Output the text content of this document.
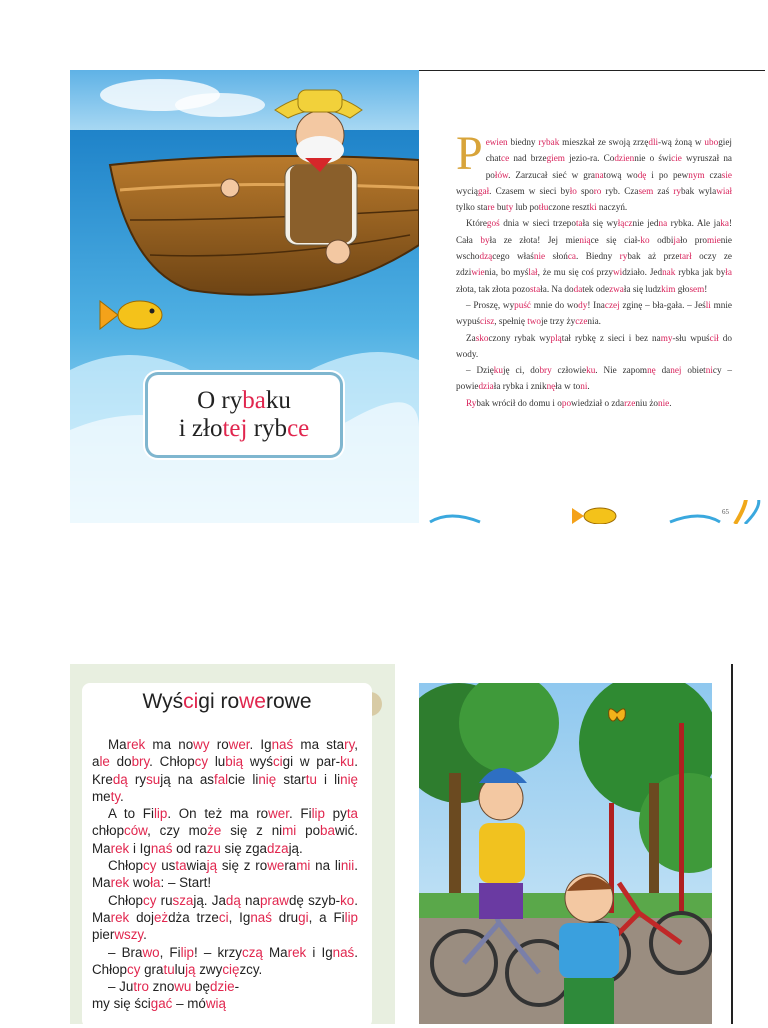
O rybaku
i złotej rybce

Pewien biedny rybak mieszkał ze swoją zrzędli-wą żoną w ubogiej chatce nad brzegiem jezio-ra. Codziennie o świcie wyruszał na połów. Zarzucał sieć w granatową wodę i po pewnym czasie wyciągał. Czasem w sieci było sporo ryb. Czasem zaś rybak wylawiał tylko stare buty lub potłuczone resztki naczyń.

Któregoś dnia w sieci trzepotała się wyłącznie jedna rybka. Ale jaka! Cała była ze złota! Jej mieniące się ciał-ko odbijało promienie wschodzącego właśnie słońca. Biedny rybak aż przetarł oczy ze zdziwienia, bo myślał, że mu się coś przywidziało. Jednak rybka jak była złota, tak złota pozostała. Na dodatek odezwała się ludzkim głosem!

– Proszę, wypuść mnie do wody! Inaczej zginę – bła-gała. – Jeśli mnie wypuścisz, spełnię twoje trzy życzenia.

Zaskoczony rybak wyplątał rybkę z sieci i bez namy-słu wpuścił do wody.

– Dziękuję ci, dobry człowieku. Nie zapomnę danej obietnicy – powiedziała rybka i zniknęła w toni.

Rybak wrócił do domu i opowiedział o zdarzeniu żonie.

65
Wyścigi rowerowe

Marek ma nowy rower. Ignaś ma stary, ale dobry. Chłopcy lubią wyścigi w par-ku. Kredą rysują na asfalcie linię startu i linię mety.

A to Filip. On też ma rower. Filip pyta chłopców, czy może się z nimi pobawić. Marek i Ignaś od razu się zgadzają.

Chłopcy ustawiają się z rowerami na linii. Marek woła: – Start!

Chłopcy ruszają. Jadą naprawdę szyb-ko. Marek dojeżdża trzeci, Ignaś drugi, a Filip pierwszy.

– Brawo, Filip! – krzyczą Marek i Ignaś. Chłopcy gratulują zwycięzcy.

– Jutro znowu będzie-
my się ścigać – mówią
